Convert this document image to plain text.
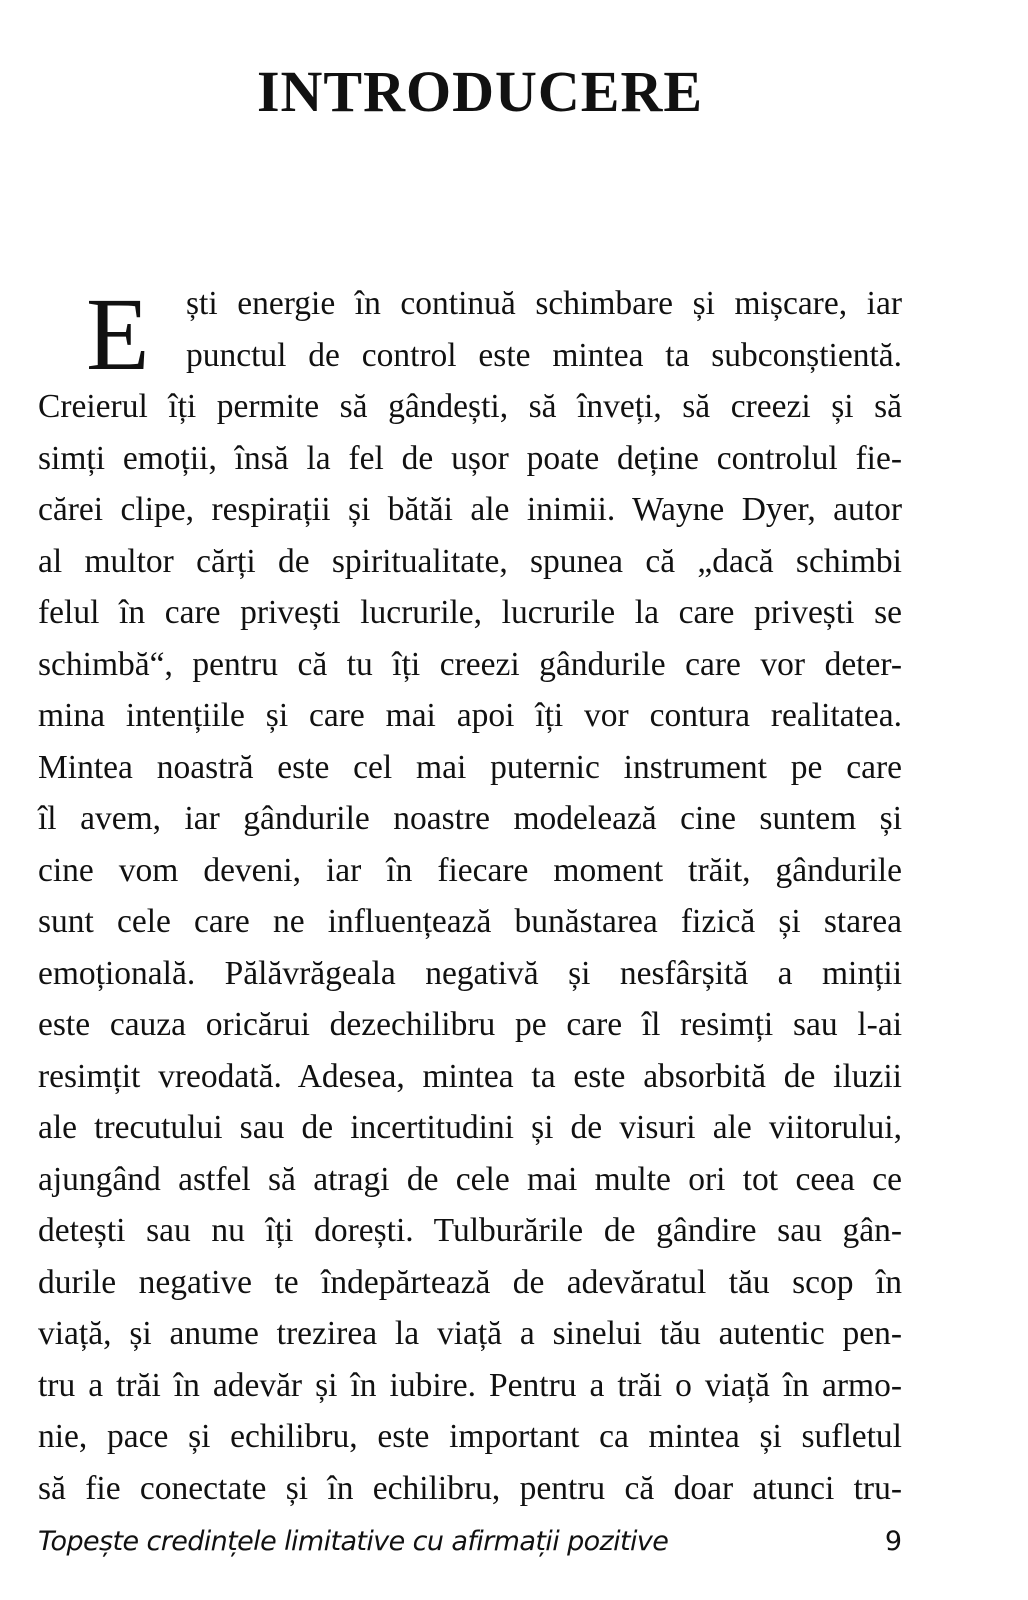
INTRODUCERE
E ști energie în continuă schimbare și mișcare, iar
punctul de control este mintea ta subconștientă.
Creierul îți permite să gândești, să înveți, să creezi și să
simți emoții, însă la fel de ușor poate deține controlul fie-
cărei clipe, respirații și bătăi ale inimii. Wayne Dyer, autor
al multor cărți de spiritualitate, spunea că „dacă schimbi
felul în care privești lucrurile, lucrurile la care privești se
schimbă“, pentru că tu îți creezi gândurile care vor deter-
mina intențiile și care mai apoi îți vor contura realitatea.
Mintea noastră este cel mai puternic instrument pe care
îl avem, iar gândurile noastre modelează cine suntem și
cine vom deveni, iar în fiecare moment trăit, gândurile
sunt cele care ne influențează bunăstarea fizică și starea
emoțională. Pălăvrăgeala negativă și nesfârșită a minții
este cauza oricărui dezechilibru pe care îl resimți sau l-ai
resimțit vreodată. Adesea, mintea ta este absorbită de iluzii
ale trecutului sau de incertitudini și de visuri ale viitorului,
ajungând astfel să atragi de cele mai multe ori tot ceea ce
detești sau nu îți dorești. Tulburările de gândire sau gân-
durile negative te îndepărtează de adevăratul tău scop în
viață, și anume trezirea la viață a sinelui tău autentic pen-
tru a trăi în adevăr și în iubire. Pentru a trăi o viață în armo-
nie, pace și echilibru, este important ca mintea și sufletul
să fie conectate și în echilibru, pentru că doar atunci tru-
Topește credințele limitative cu afirmații pozitive	9
